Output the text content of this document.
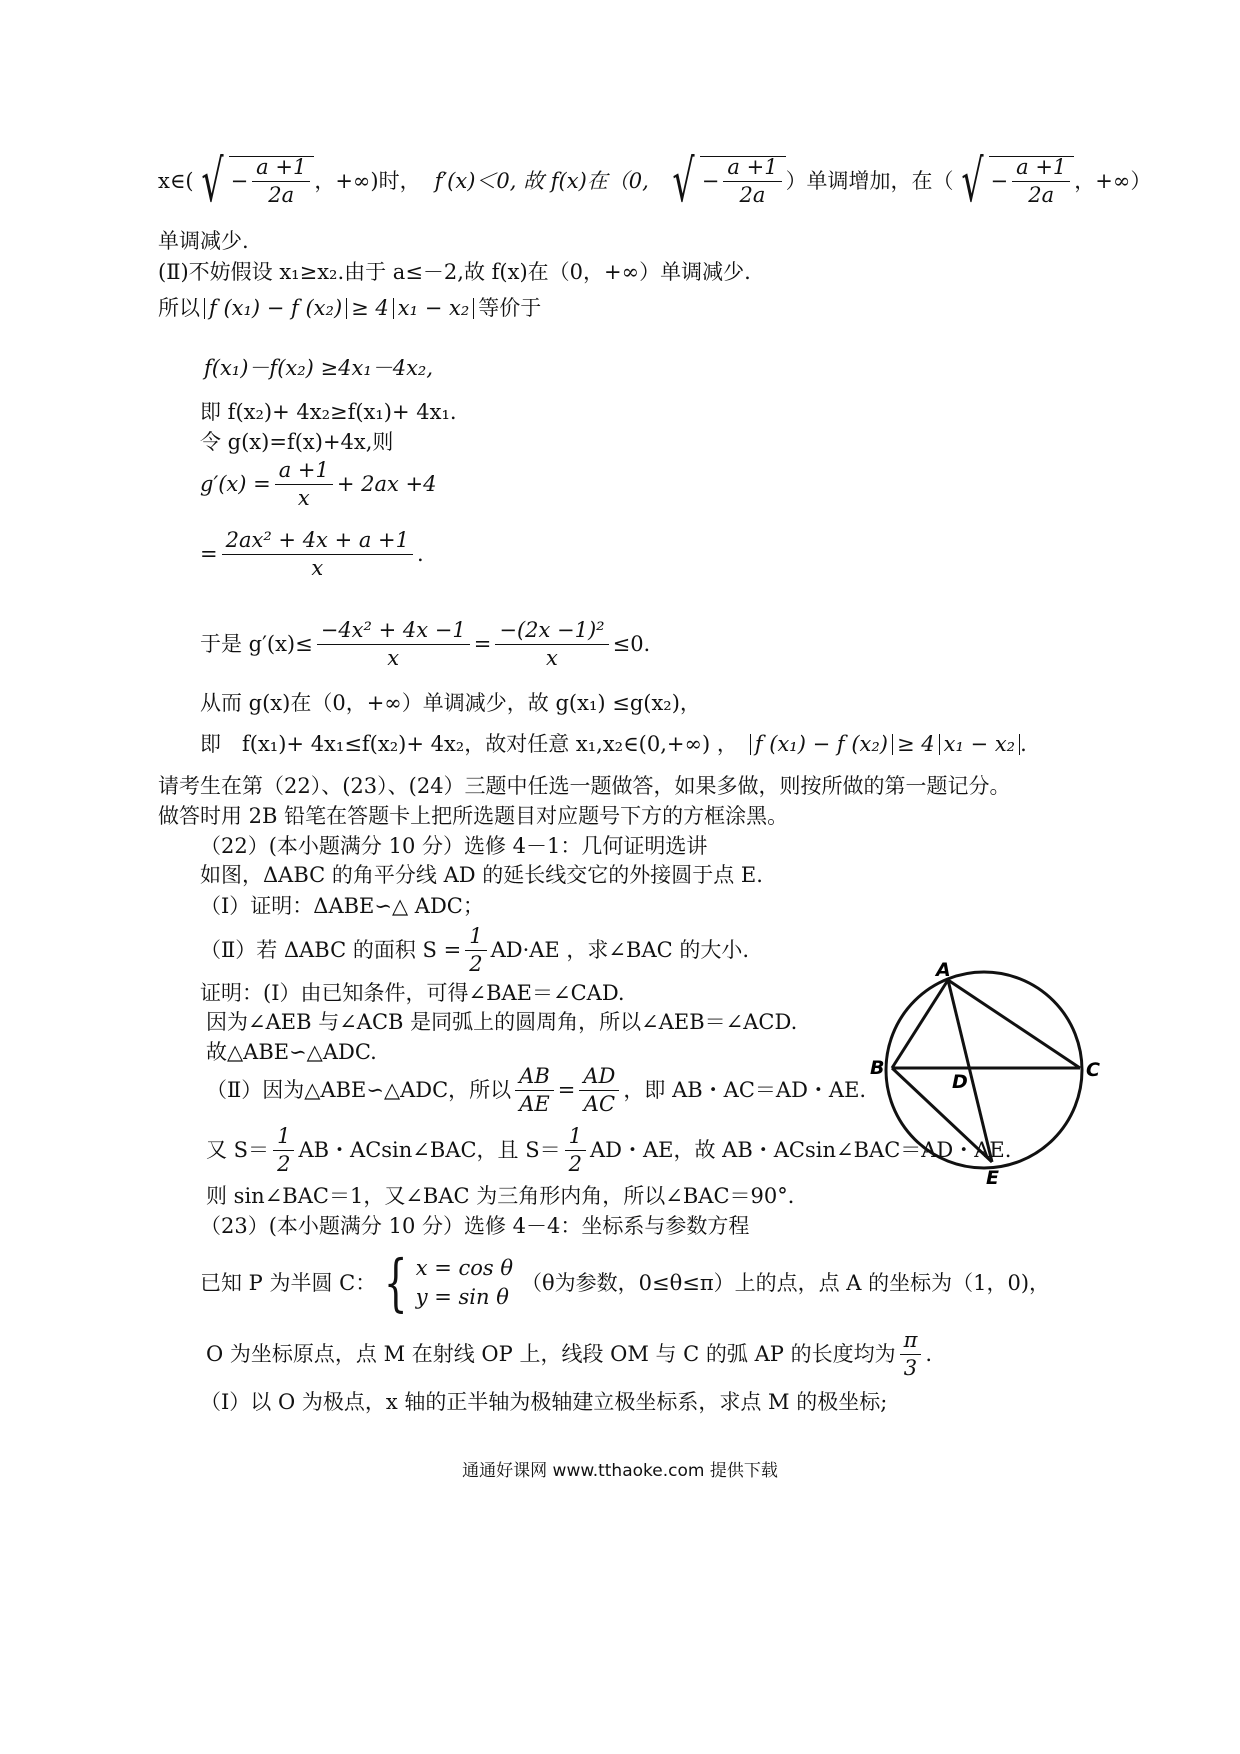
x∈( √ − $\frac{a +1}{2a}$ ，+∞)时， f′(x)＜0, 故 f(x)在（0, √ − $\frac{a +1}{2a}$ ）单调增加，在（ √ − $\frac{a +1}{2a}$ ，+∞）
单调减少.
(Ⅱ)不妨假设 x₁≥x₂.由于 a≤－2,故 f(x)在（0，+∞）单调减少.
所以 f (x₁) − f (x₂) ≥ 4 x₁ − x₂ 等价于
f(x₁)－f(x₂) ≥4x₁－4x₂,
即 f(x₂)+ 4x₂≥f(x₁)+ 4x₁.
令 g(x)=f(x)+4x,则
$g'(x) = \frac{a +1}{x} + 2ax +4$
= $\frac{\text{2ax² + 4x + a +1}}{x}$ .
于是 $g'(x)\le \frac{\text{−4x² + 4x −1}}{x} = \frac{\text{−(2x −1)²}}{x} \le 0$.
从而 g(x)在（0，+∞）单调减少，故 g(x₁) ≤g(x₂)，
即　f(x₁)+ 4x₁≤f(x₂)+ 4x₂，故对任意 x₁,x₂∈(0,+∞) ， f (x₁) − f (x₂) ≥ 4 x₁ − x₂ .
请考生在第（22）、(23）、(24）三题中任选一题做答，如果多做，则按所做的第一题记分。
做答时用 2B 铅笔在答题卡上把所选题目对应题号下方的方框涂黑。
（22）(本小题满分 10 分）选修 4－1：几何证明选讲
如图，ΔABC 的角平分线 AD 的延长线交它的外接圆于点 E.
（Ⅰ）证明：ΔABE∽△ ADC；
（Ⅱ）若 ΔABC 的面积 $S = \frac{1}{2} AD\cdot AE$ ，求∠BAC 的大小.
证明：(Ⅰ）由已知条件，可得∠BAE＝∠CAD.
因为∠AEB 与∠ACB 是同弧上的圆周角，所以∠AEB＝∠ACD.
故△ABE∽△ADC.
（Ⅱ）因为△ABE∽△ADC，所以 $\frac{AB}{AE} = \frac{AD}{AC}$ ，即 AB・AC＝AD・AE.
又 $S= \frac{1}{2}$ AB・ACsin∠BAC，且 $S= \frac{1}{2}$ AD・AE，故 AB・ACsin∠BAC＝AD・AE.
则 sin∠BAC＝1，又∠BAC 为三角形内角，所以∠BAC＝90°．
（23）(本小题满分 10 分）选修 4－4：坐标系与参数方程
已知 P 为半圆 C： { x = cos θ
y = sin θ
（θ为参数，0≤θ≤π）上的点，点 A 的坐标为（1，0)，
O 为坐标原点，点 M 在射线 OP 上，线段 OM 与 C 的弧 AP 的长度均为 $\frac{\pi}{3}$ .
（Ⅰ）以 O 为极点，x 轴的正半轴为极轴建立极坐标系，求点 M 的极坐标;
A
B	C
D
E
通通好课网 www.tthaoke.com 提供下载
